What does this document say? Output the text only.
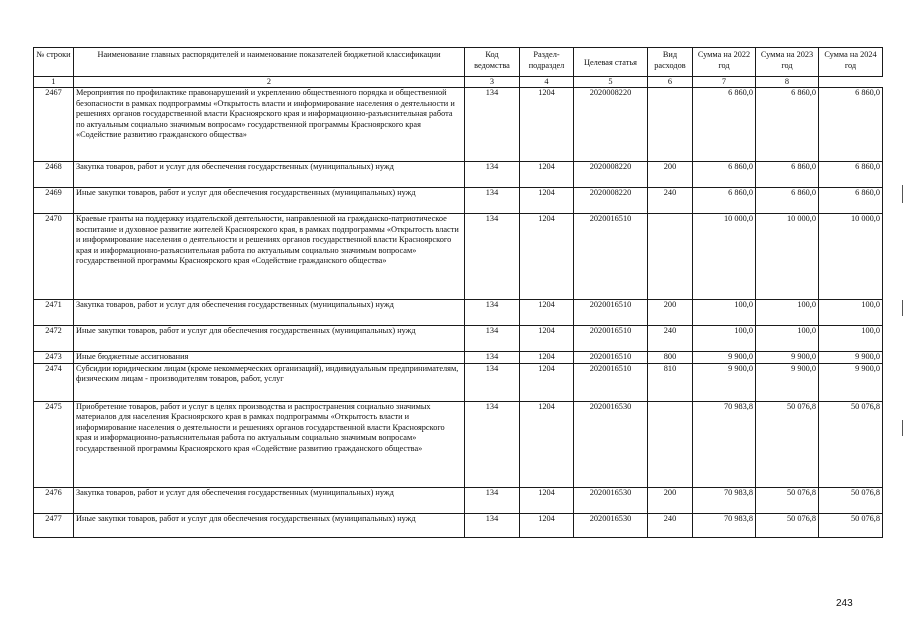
№ строки	Наименование главных распорядителей и наименование показателей бюджетной классификации	Код ведомства	Раздел-подраздел	Целевая статья	Вид расходов	Сумма на 2022 год	Сумма на 2023 год	Сумма на 2024 год
1	2	3	4	5	6	7	8	
2467	Мероприятия по профилактике правонарушений и укреплению общественного порядка и общественной безопасности в рамках подпрограммы «Открытость власти и информирование населения о деятельности и решениях органов государственной власти Красноярского края и информационно-разъяснительная работа по актуальным социально значимым вопросам» государственной программы Красноярского края «Содействие развитию гражданского общества»	134	1204	2020008220		6 860,0	6 860,0	6 860,0
2468	Закупка товаров, работ и услуг для обеспечения государственных (муниципальных) нужд	134	1204	2020008220	200	6 860,0	6 860,0	6 860,0
2469	Иные закупки товаров, работ и услуг для обеспечения государственных (муниципальных) нужд	134	1204	2020008220	240	6 860,0	6 860,0	6 860,0
2470	Краевые гранты на поддержку издательской деятельности, направленной на гражданско-патриотическое воспитание и духовное развитие жителей Красноярского края, в рамках подпрограммы «Открытость власти и информирование населения о деятельности и решениях органов государственной власти Красноярского края и информационно-разъяснительная работа по актуальным социально значимым вопросам» государственной программы Красноярского края «Содействие гражданского общества»	134	1204	2020016510		10 000,0	10 000,0	10 000,0
2471	Закупка товаров, работ и услуг для обеспечения государственных (муниципальных) нужд	134	1204	2020016510	200	100,0	100,0	100,0
2472	Иные закупки товаров, работ и услуг для обеспечения государственных (муниципальных) нужд	134	1204	2020016510	240	100,0	100,0	100,0
2473	Иные бюджетные ассигнования	134	1204	2020016510	800	9 900,0	9 900,0	9 900,0
2474	Субсидии юридическим лицам (кроме некоммерческих организаций), индивидуальным предпринимателям, физическим лицам - производителям товаров, работ, услуг	134	1204	2020016510	810	9 900,0	9 900,0	9 900,0
2475	Приобретение товаров, работ и услуг в целях производства и распространения социально значимых материалов для населения Красноярского края в рамках подпрограммы «Открытость власти и информирование населения о деятельности и решениях органов государственной власти Красноярского края и информационно-разъяснительная работа по актуальным социально значимым вопросам» государственной программы Красноярского края «Содействие развитию гражданского общества»	134	1204	2020016530		70 983,8	50 076,8	50 076,8
2476	Закупка товаров, работ и услуг для обеспечения государственных (муниципальных) нужд	134	1204	2020016530	200	70 983,8	50 076,8	50 076,8
2477	Иные закупки товаров, работ и услуг для обеспечения государственных (муниципальных) нужд	134	1204	2020016530	240	70 983,8	50 076,8	50 076,8
243
